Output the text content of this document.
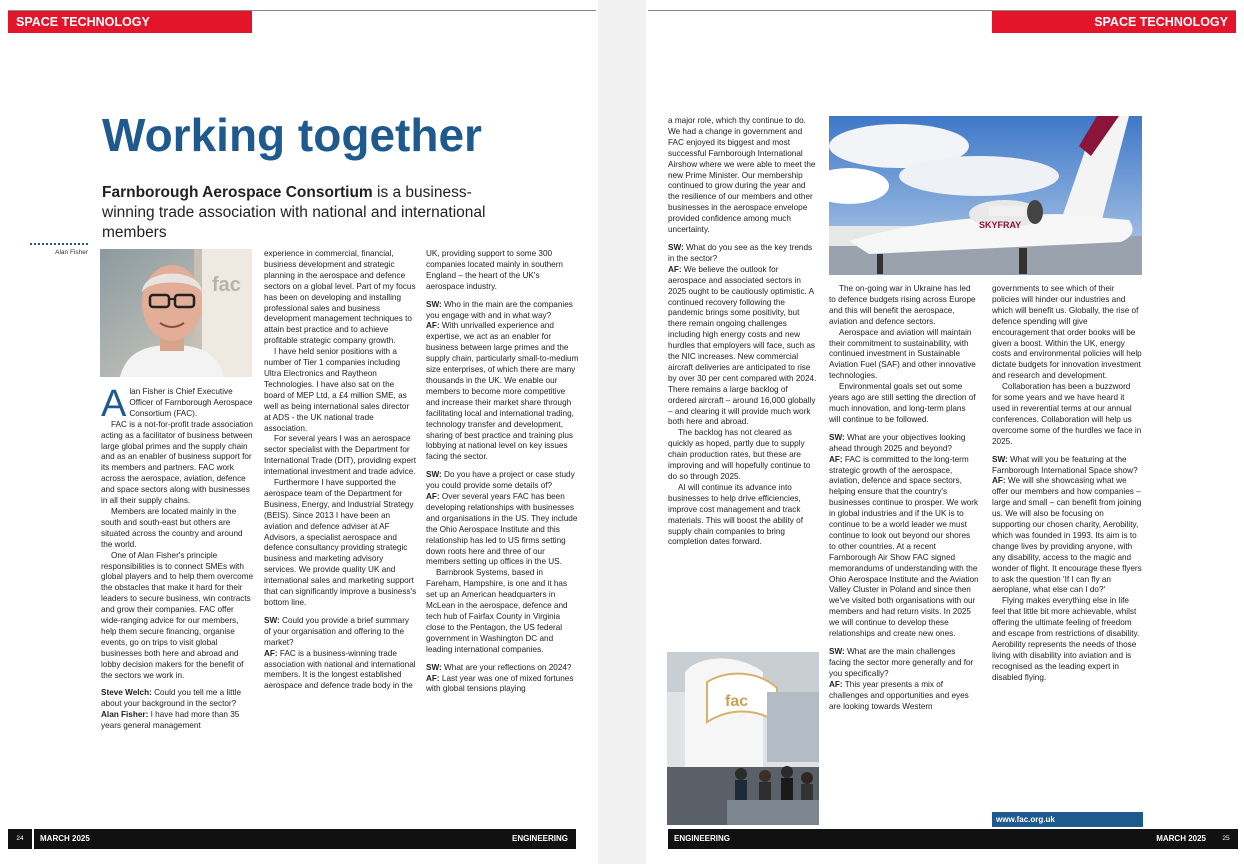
SPACE TECHNOLOGY
Working together

Farnborough Aerospace Consortium is a business-winning trade association with national and international members

Alan Fisher
fac

Alan Fisher is Chief Executive Officer of Farnborough Aerospace Consortium (FAC).

FAC is a not-for-profit trade association acting as a facilitator of business between large global primes and the supply chain and as an enabler of business support for its members and partners. FAC work across the aerospace, aviation, defence and space sectors along with businesses in all their supply chains.

Members are located mainly in the south and south-east but others are situated across the country and around the world.

One of Alan Fisher's principle responsibilities is to connect SMEs with global players and to help them overcome the obstacles that make it hard for their leaders to secure business, win contracts and grow their companies. FAC offer wide-ranging advice for our members, help them secure financing, organise events, go on trips to visit global businesses both here and abroad and lobby decision makers for the benefit of the sectors we work in.

Steve Welch: Could you tell me a little about your background in the sector?

Alan Fisher: I have had more than 35 years general management

experience in commercial, financial, business development and strategic planning in the aerospace and defence sectors on a global level. Part of my focus has been on developing and installing professional sales and business development management techniques to attain best practice and to achieve profitable strategic company growth.

I have held senior positions with a number of Tier 1 companies including Ultra Electronics and Raytheon Technologies. I have also sat on the board of MEP Ltd, a £4 million SME, as well as being international sales director at ADS - the UK national trade association.

For several years I was an aerospace sector specialist with the Department for International Trade (DIT), providing expert international investment and trade advice.

Furthermore I have supported the aerospace team of the Department for Business, Energy, and Industrial Strategy (BEIS). Since 2013 I have been an aviation and defence adviser at AF Advisors, a specialist aerospace and defence consultancy providing strategic business and marketing advisory services. We provide quality UK and international sales and marketing support that can significantly improve a business's bottom line.

SW: Could you provide a brief summary of your organisation and offering to the market?

AF: FAC is a business-winning trade association with national and international members. It is the longest established aerospace and defence trade body in the

UK, providing support to some 300 companies located mainly in southern England – the heart of the UK's aerospace industry.

SW: Who in the main are the companies you engage with and in what way?

AF: With unrivalled experience and expertise, we act as an enabler for business between large primes and the supply chain, particularly small-to-medium size enterprises, of which there are many thousands in the UK. We enable our members to become more competitive and increase their market share through facilitating local and international trading, technology transfer and development, sharing of best practice and training plus lobbying at national level on key issues facing the sector.

SW: Do you have a project or case study you could provide some details of?

AF: Over several years FAC has been developing relationships with businesses and organisations in the US. They include the Ohio Aerospace Institute and this relationship has led to US firms setting down roots here and three of our members setting up offices in the US.

Barnbrook Systems, based in Fareham, Hampshire, is one and it has set up an American headquarters in McLean in the aerospace, defence and tech hub of Fairfax County in Virginia close to the Pentagon, the US federal government in Washington DC and leading international companies.

SW: What are your reflections on 2024?

AF: Last year was one of mixed fortunes with global tensions playing

24	MARCH 2025	ENGINEERING
SPACE TECHNOLOGY

a major role, which thy continue to do. We had a change in government and FAC enjoyed its biggest and most successful Farnborough International Airshow where we were able to meet the new Prime Minister. Our membership continued to grow during the year and the resilience of our members and other businesses in the aerospace envelope provided confidence among much uncertainty.

SW: What do you see as the key trends in the sector?

AF: We believe the outlook for aerospace and associated sectors in 2025 ought to be cautiously optimistic. A continued recovery following the pandemic brings some positivity, but there remain ongoing challenges including high energy costs and new hurdles that employers will face, such as the NIC increases. New commercial aircraft deliveries are anticipated to rise by over 30 per cent compared with 2024. There remains a large backlog of ordered aircraft – around 16,000 globally – and clearing it will provide much work both here and abroad.

The backlog has not cleared as quickly as hoped, partly due to supply chain production rates, but these are improving and will hopefully continue to do so through 2025.

AI will continue its advance into businesses to help drive efficiencies, improve cost management and track materials. This will boost the ability of supply chain companies to bring completion dates forward.

fac
SKYFRAY

The on-going war in Ukraine has led to defence budgets rising across Europe and this will benefit the aerospace, aviation and defence sectors.

Aerospace and aviation will maintain their commitment to sustainability, with continued investment in Sustainable Aviation Fuel (SAF) and other innovative technologies.

Environmental goals set out some years ago are still setting the direction of much innovation, and long-term plans will continue to be followed.

SW: What are your objectives looking ahead through 2025 and beyond?

AF: FAC is committed to the long-term strategic growth of the aerospace, aviation, defence and space sectors, helping ensure that the country's businesses continue to prosper. We work in global industries and if the UK is to continue to be a world leader we must continue to look out beyond our shores to other countries. At a recent Farnborough Air Show FAC signed memorandums of understanding with the Ohio Aerospace Institute and the Aviation Valley Cluster in Poland and since then we've visited both organisations with our members and had return visits. In 2025 we will continue to develop these relationships and create new ones.

SW: What are the main challenges facing the sector more generally and for you specifically?

AF: This year presents a mix of challenges and opportunities and eyes are looking towards Western

governments to see which of their policies will hinder our industries and which will benefit us. Globally, the rise of defence spending will give encouragement that order books will be given a boost. Within the UK, energy costs and environmental policies will help dictate budgets for innovation investment and research and development.

Collaboration has been a buzzword for some years and we have heard it used in reverential terms at our annual conferences. Collaboration will help us overcome some of the hurdles we face in 2025.

SW: What will you be featuring at the Farnborough International Space show?

AF: We will she showcasing what we offer our members and how companies – large and small – can benefit from joining us. We will also be focusing on supporting our chosen charity, Aerobility, which was founded in 1993. Its aim is to change lives by providing anyone, with any disability, access to the magic and wonder of flight. It encourage these flyers to ask the question 'If I can fly an aeroplane, what else can I do?'

Flying makes everything else in life feel that little bit more achievable, whilst offering the ultimate feeling of freedom and escape from restrictions of disability. Aerobility represents the needs of those living with disability into aviation and is recognised as the leading expert in disabled flying.

www.fac.org.uk
ENGINEERING	MARCH 2025	25
